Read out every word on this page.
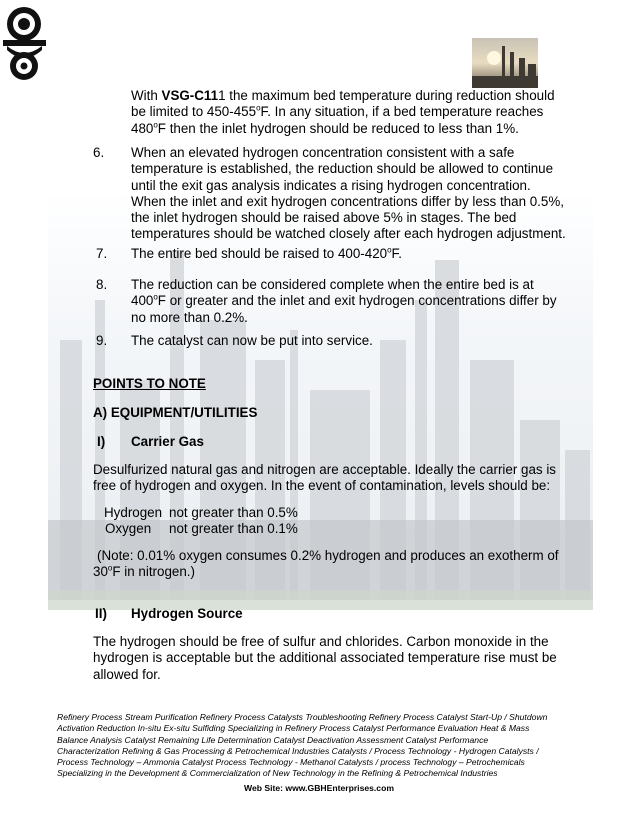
With VSG-C111 the maximum bed temperature during reduction should
be limited to 450-455$^o$F. In any situation, if a bed temperature reaches
480$^o$F then the inlet hydrogen should be reduced to less than 1%.
6. When an elevated hydrogen concentration consistent with a safe
temperature is established, the reduction should be allowed to continue
until the exit gas analysis indicates a rising hydrogen concentration.
When the inlet and exit hydrogen concentrations differ by less than 0.5%,
the inlet hydrogen should be raised above 5% in stages. The bed
temperatures should be watched closely after each hydrogen adjustment.
7. The entire bed should be raised to 400-420$^o$F.
8. The reduction can be considered complete when the entire bed is at
400$^o$F or greater and the inlet and exit hydrogen concentrations differ by
no more than 0.2%.
9. The catalyst can now be put into service.
POINTS TO NOTE
A) EQUIPMENT/UTILITIES
I) Carrier Gas
Desulfurized natural gas and nitrogen are acceptable. Ideally the carrier gas is
free of hydrogen and oxygen. In the event of contamination, levels should be:
Hydrogen not greater than 0.5%
Oxygen not greater than 0.1%
(Note: 0.01% oxygen consumes 0.2% hydrogen and produces an exotherm of
30$^o$F in nitrogen.)
II) Hydrogen Source
The hydrogen should be free of sulfur and chlorides. Carbon monoxide in the
hydrogen is acceptable but the additional associated temperature rise must be
allowed for.
Refinery Process Stream Purification Refinery Process Catalysts Troubleshooting Refinery Process Catalyst Start-Up / Shutdown
Activation Reduction In-situ Ex-situ Sulfiding Specializing in Refinery Process Catalyst Performance Evaluation Heat & Mass
Balance Analysis Catalyst Remaining Life Determination Catalyst Deactivation Assessment Catalyst Performance
Characterization Refining & Gas Processing & Petrochemical Industries Catalysts / Process Technology - Hydrogen Catalysts /
Process Technology – Ammonia Catalyst Process Technology - Methanol Catalysts / process Technology – Petrochemicals
Specializing in the Development & Commercialization of New Technology in the Refining & Petrochemical Industries
Web Site: www.GBHEnterprises.com
